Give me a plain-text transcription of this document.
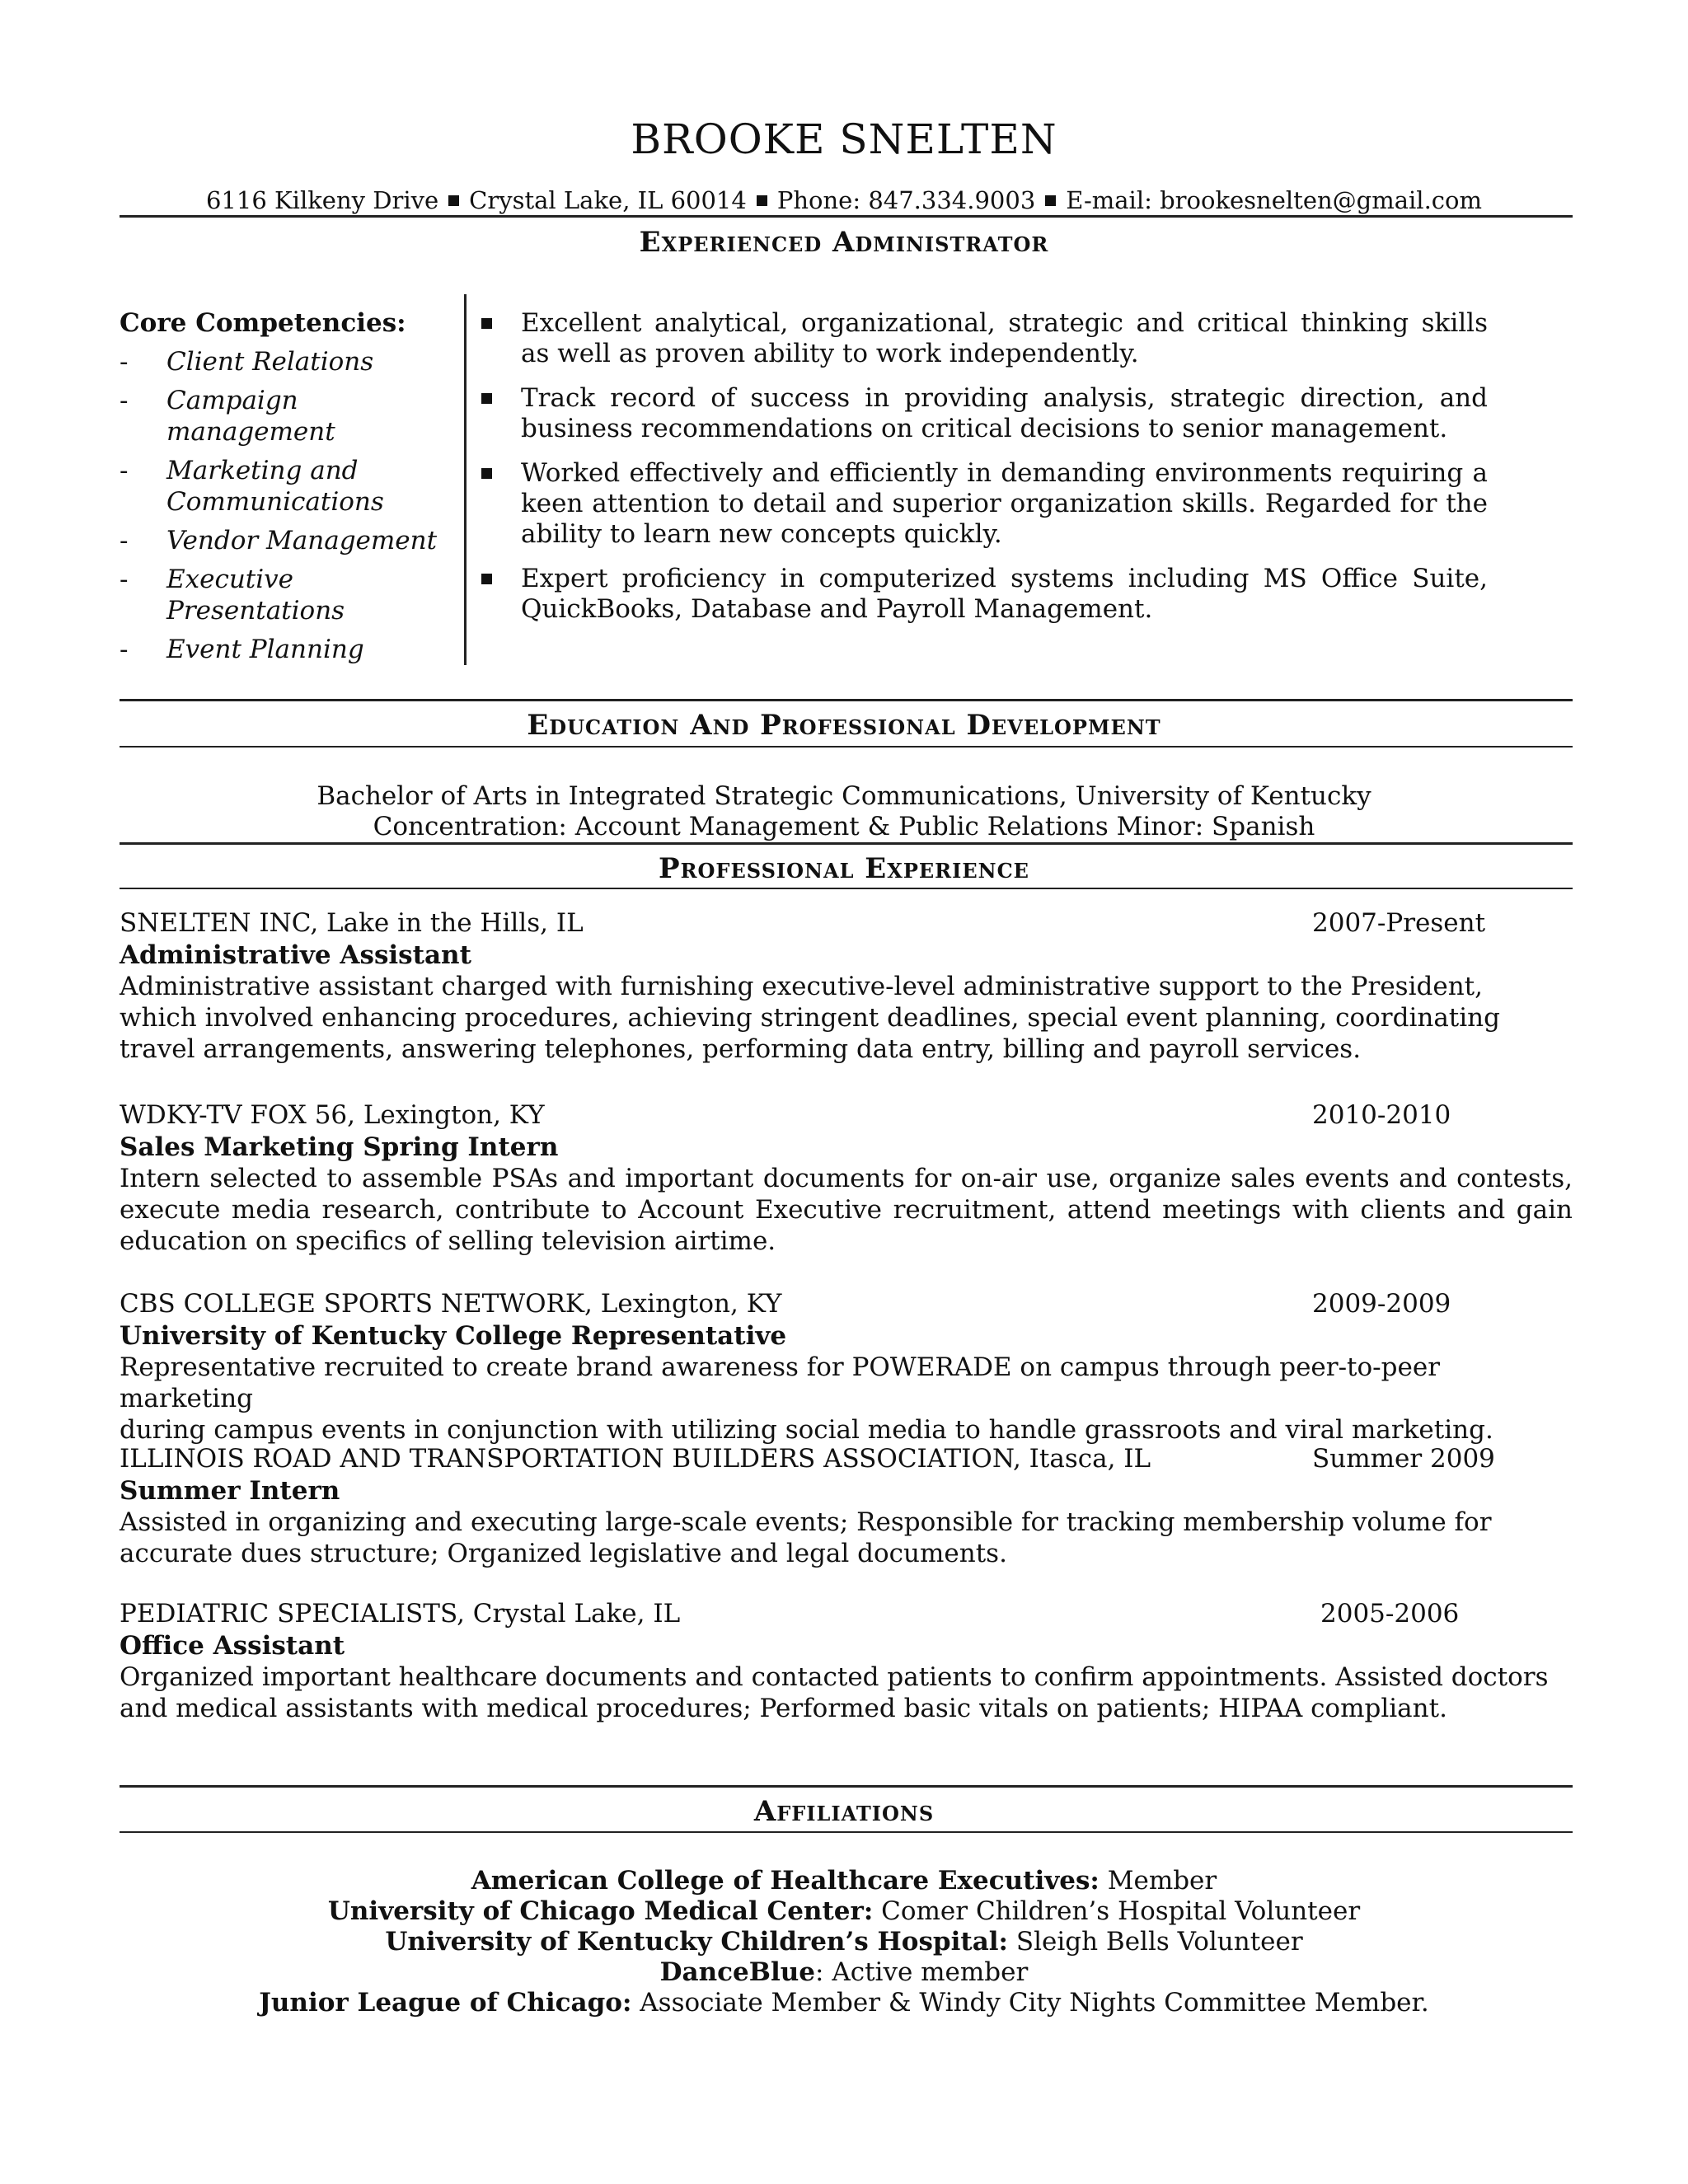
BROOKE SNELTEN
6116 Kilkeny Drive Crystal Lake, IL 60014 Phone: 847.334.9003 E-mail: brookesnelten@gmail.com
Experienced Administrator
Core Competencies:
- Client Relations
- Campaign management
- Marketing and Communications
- Vendor Management
- Executive Presentations
- Event Planning
Excellent analytical, organizational, strategic and critical thinking skills as well as proven ability to work independently.
Track record of success in providing analysis, strategic direction, and business recommendations on critical decisions to senior management.
Worked effectively and efficiently in demanding environments requiring a keen attention to detail and superior organization skills. Regarded for the ability to learn new concepts quickly.
Expert proficiency in computerized systems including MS Office Suite, QuickBooks, Database and Payroll Management.
Education And Professional Development
Bachelor of Arts in Integrated Strategic Communications, University of Kentucky
Concentration: Account Management & Public Relations Minor: Spanish
Professional Experience
SNELTEN INC, Lake in the Hills, IL	2007-Present
Administrative Assistant
Administrative assistant charged with furnishing executive-level administrative support to the President,
which involved enhancing procedures, achieving stringent deadlines, special event planning, coordinating
travel arrangements, answering telephones, performing data entry, billing and payroll services.
WDKY-TV FOX 56, Lexington, KY	2010-2010
Sales Marketing Spring Intern
Intern selected to assemble PSAs and important documents for on-air use, organize sales events and contests, execute media research, contribute to Account Executive recruitment, attend meetings with clients and gain education on specifics of selling television airtime.
CBS COLLEGE SPORTS NETWORK, Lexington, KY	2009-2009
University of Kentucky College Representative
Representative recruited to create brand awareness for POWERADE on campus through peer-to-peer marketing
during campus events in conjunction with utilizing social media to handle grassroots and viral marketing.
ILLINOIS ROAD AND TRANSPORTATION BUILDERS ASSOCIATION, Itasca, IL	Summer 2009
Summer Intern
Assisted in organizing and executing large-scale events; Responsible for tracking membership volume for
accurate dues structure; Organized legislative and legal documents.
PEDIATRIC SPECIALISTS, Crystal Lake, IL	2005-2006
Office Assistant
Organized important healthcare documents and contacted patients to confirm appointments. Assisted doctors
and medical assistants with medical procedures; Performed basic vitals on patients; HIPAA compliant.
Affiliations
American College of Healthcare Executives: Member
University of Chicago Medical Center: Comer Children’s Hospital Volunteer
University of Kentucky Children’s Hospital: Sleigh Bells Volunteer
DanceBlue: Active member
Junior League of Chicago: Associate Member & Windy City Nights Committee Member.
